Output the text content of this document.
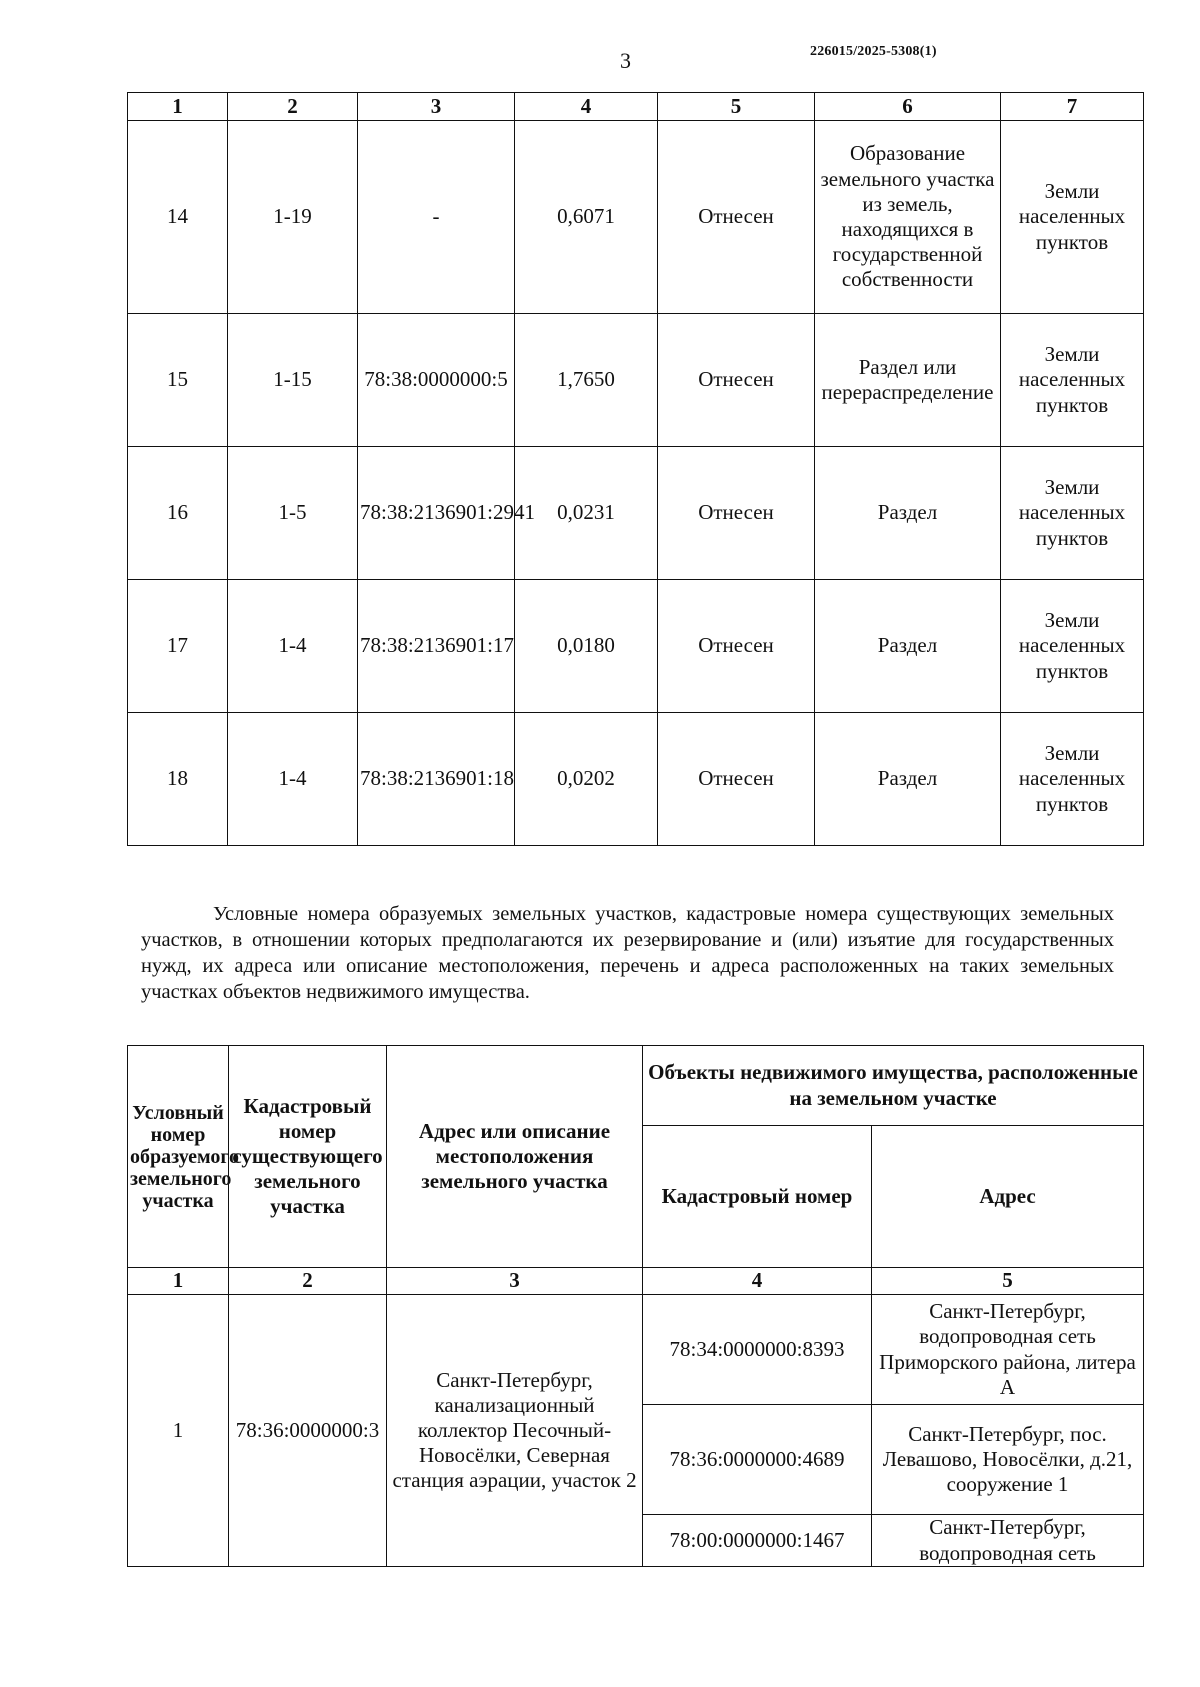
3	226015/2025-5308(1)
1	2	3	4	5	6	7
14	1-19	-	0,6071	Отнесен	Образование земельного участка из земель, находящихся в государственной собственности	Земли населенных пунктов
15	1-15	78:38:0000000:5	1,7650	Отнесен	Раздел или перераспределение	Земли населенных пунктов
16	1-5	78:38:2136901:2941	0,0231	Отнесен	Раздел	Земли населенных пунктов
17	1-4	78:38:2136901:17	0,0180	Отнесен	Раздел	Земли населенных пунктов
18	1-4	78:38:2136901:18	0,0202	Отнесен	Раздел	Земли населенных пунктов

Условные номера образуемых земельных участков, кадастровые номера существующих земельных участков, в отношении которых предполагаются их резервирование и (или) изъятие для государственных нужд, их адреса или описание местоположения, перечень и адреса расположенных на таких земельных участках объектов недвижимого имущества.

Условный номер образуемого земельного участка	Кадастровый номер существующего земельного участка	Адрес или описание местоположения земельного участка	Объекты недвижимого имущества, расположенные на земельном участке	
			Кадастровый номер	Адрес
1	2	3	4	5
1	78:36:0000000:3	Санкт-Петербург, канализационный коллектор Песочный-Новосёлки, Северная станция аэрации, участок 2	78:34:0000000:8393	Санкт-Петербург, водопроводная сеть Приморского района, литера А
			78:36:0000000:4689	Санкт-Петербург, пос. Левашово, Новосёлки, д.21, сооружение 1
			78:00:0000000:1467	Санкт-Петербург, водопроводная сеть
